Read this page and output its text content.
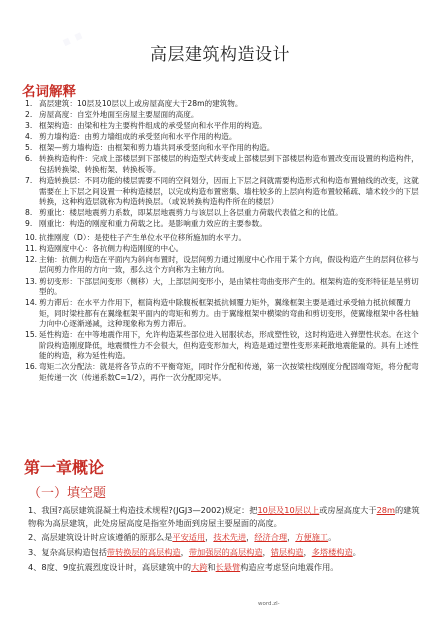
··	高层建筑构造设计
名词解释
1. 高层建筑：10层及10层以上或房屋高度大于28m的建筑物。
2. 房屋高度：自室外地面至房屋主要屋面的高度。
3. 框架构造：由梁和柱为主要构件组成的承受竖向和水平作用的构造。
4. 剪力墙构造：由剪力墙组成的承受竖向和水平作用的构造。
5. 框架—剪力墙构造：由框架和剪力墙共同承受竖向和水平作用的构造。
6. 转换构造构件：完成上部楼层到下部楼层的构造型式转变或上部楼层到下部楼层构造布置改变而设置的构造构件，包括转换梁、转换桁架、转换板等。
7. 构造转换层：不同功能的楼层需要不同的空间划分，因而上下层之间就需要构造形式和构造布置轴线的改变，这就需要在上下层之间设置一种构造楼层，以完成构造布置密集、墙柱较多的上层向构造布置较稀疏、墙术较少的下层转换，这种构造层就称为构造转换层。（或说转换构造构件所在的楼层）
8. 剪重比：楼层地震剪力系数，即某层地震剪力与该层以上各层重力荷载代表值之和的比值。
9. 刚重比：构造的刚度和重力荷载之比。是影响重力效应的主要参数。
10. 抗推刚度（D）：是使柱子产生单位水平位移所施加的水平力。
11. 构造刚度中心：各抗侧力构造刚度的中心。
12. 主轴：抗侧力构造在平面内为斜向布置时，设层间剪力通过刚度中心作用于某个方向，假设构造产生的层间位移与层间剪力作用的方向一致，那么这个方向称为主轴方向。
13. 剪切变形：下部层间变形（侧移）大，上部层间变形小，是由梁柱弯曲变形产生的。框架构造的变形特征是呈剪切型的。
14. 剪力滞后：在水平力作用下，框筒构造中除腹板框架抵抗倾覆力矩外，翼缘框架主要是通过承受轴力抵抗倾覆力矩，同时梁柱都有在翼缘框架平面内的弯矩和剪力。由于翼缘框架中横梁的弯曲和剪切变形，使翼缘框架中各柱轴力向中心逐渐递减，这种现象称为剪力滞后。
15. 延性构造：在中等地震作用下，允许构造某些部位进入屈服状态，形成塑性铰，这时构造进入弹塑性状态。在这个阶段构造刚度降低，地震惯性力不会很大，但构造变形加大，构造是通过塑性变形来耗散地震能量的。具有上述性能的构造，称为延性构造。
16. 弯矩二次分配法：就是将各节点的不平衡弯矩，同时作分配和传递，第一次按梁柱线刚度分配固端弯矩，将分配弯矩传递一次（传递系数C=1/2），再作一次分配即完毕。
第一章概论
（一）填空题
1、我国?高层建筑混凝土构造技术规程?(JGJ3—2002)规定：把10层及10层以上或房屋高度大于28m的建筑物称为高层建筑，此处房屋高度是指室外地面到房屋主要屋面的高度。
2、高层建筑设计时应该遵循的原那么是平安适用，技术先进，经济合理，方便施工。
3、复杂高层构造包括带转换层的高层构造，带加强层的高层构造，错层构造，多塔楼构造。
4、8度、9度抗震烈度设计时，高层建筑中的大跨和长悬臂构造应考虑竖向地震作用。
word.zl-
